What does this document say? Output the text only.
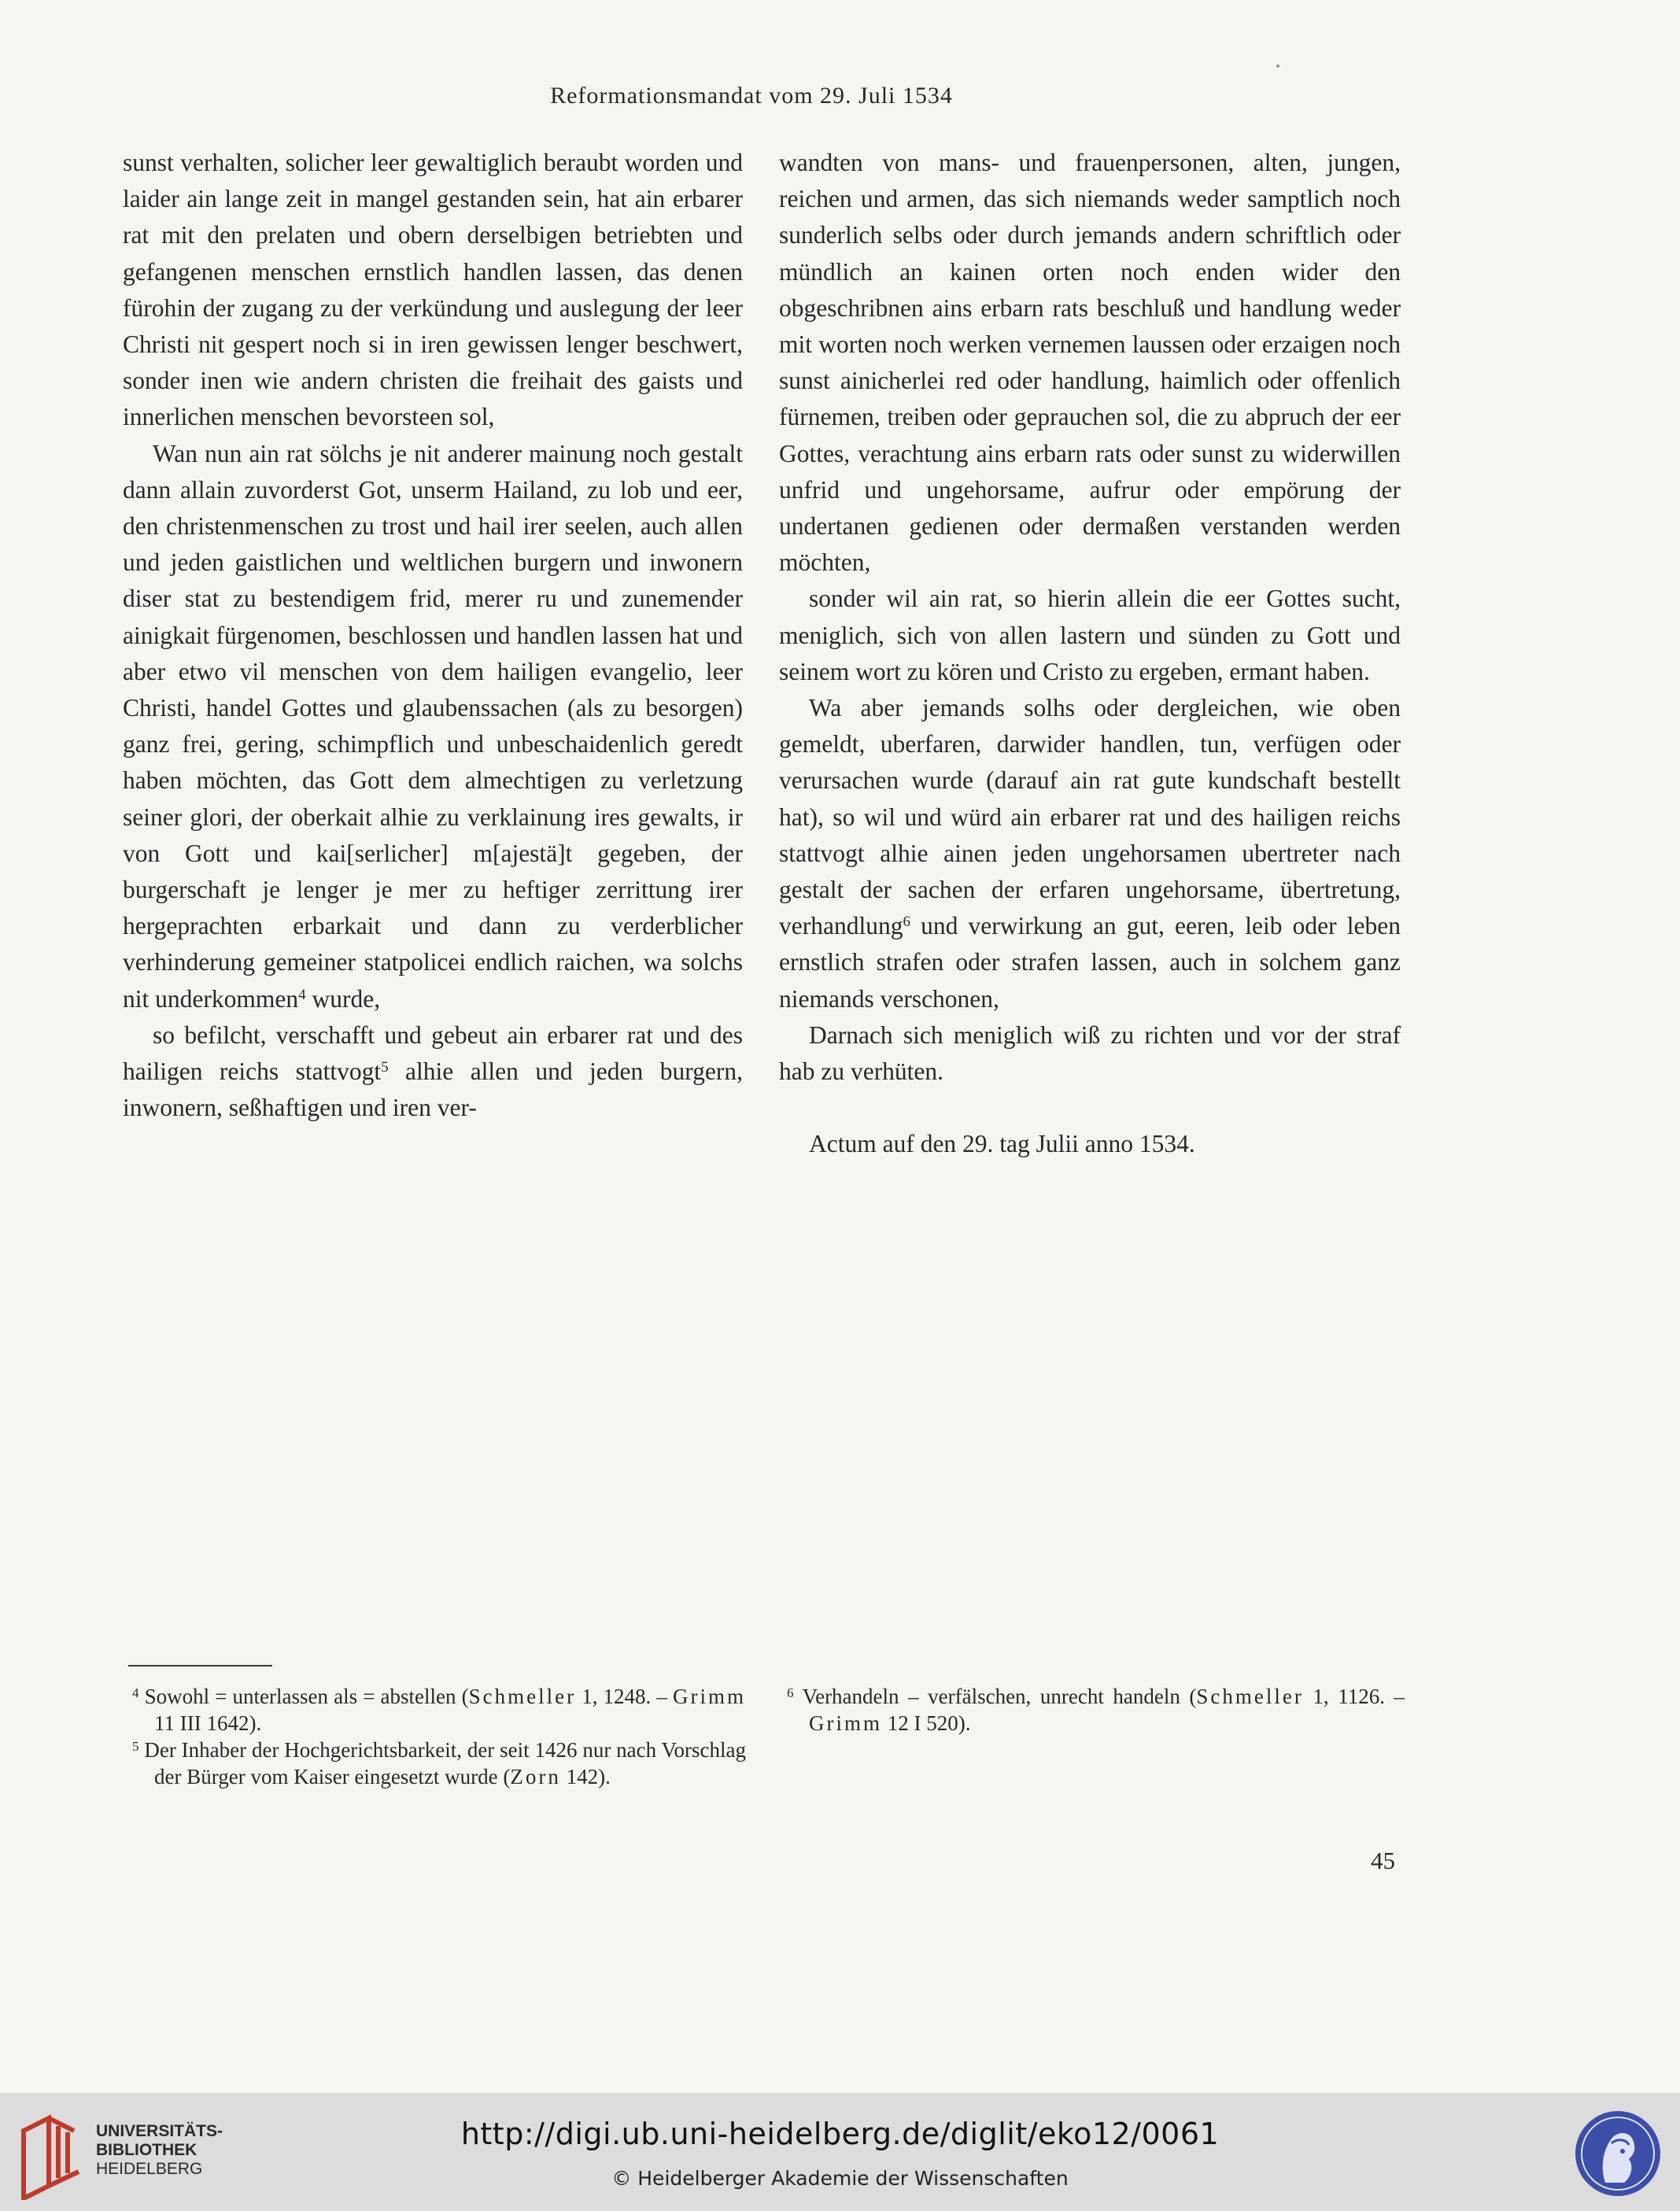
Reformationsmandat vom 29. Juli 1534

sunst verhalten, solicher leer gewaltiglich beraubt worden und laider ain lange zeit in mangel gestanden sein, hat ain erbarer rat mit den prelaten und obern derselbigen betriebten und gefangenen menschen ernstlich handlen lassen, das denen fürohin der zugang zu der verkündung und auslegung der leer Christi nit gespert noch si in iren gewissen lenger beschwert, sonder inen wie andern christen die freihait des gaists und innerlichen menschen bevorsteen sol,

Wan nun ain rat sölchs je nit anderer mainung noch gestalt dann allain zuvorderst Got, unserm Hailand, zu lob und eer, den christenmenschen zu trost und hail irer seelen, auch allen und jeden gaistlichen und weltlichen burgern und inwonern diser stat zu bestendigem frid, merer ru und zunemender ainigkait fürgenomen, beschlossen und handlen lassen hat und aber etwo vil menschen von dem hailigen evangelio, leer Christi, handel Gottes und glaubenssachen (als zu besorgen) ganz frei, gering, schimpflich und unbeschaidenlich geredt haben möchten, das Gott dem almechtigen zu verletzung seiner glori, der oberkait alhie zu verklainung ires gewalts, ir von Gott und kai[serlicher] m[ajestä]t gegeben, der burgerschaft je lenger je mer zu heftiger zerrittung irer hergeprachten erbarkait und dann zu verderblicher verhinderung gemeiner statpolicei endlich raichen, wa solchs nit underkommen$^4$ wurde,

so befilcht, verschafft und gebeut ain erbarer rat und des hailigen reichs stattvogt$^5$ alhie allen und jeden burgern, inwonern, seßhaftigen und iren ver-

wandten von mans- und frauenpersonen, alten, jungen, reichen und armen, das sich niemands weder samptlich noch sunderlich selbs oder durch jemands andern schriftlich oder mündlich an kainen orten noch enden wider den obgeschribnen ains erbarn rats beschluß und handlung weder mit worten noch werken vernemen laussen oder erzaigen noch sunst ainicherlei red oder handlung, haimlich oder offenlich fürnemen, treiben oder geprauchen sol, die zu abpruch der eer Gottes, verachtung ains erbarn rats oder sunst zu widerwillen unfrid und ungehorsame, aufrur oder empörung der undertanen gedienen oder dermaßen verstanden werden möchten,

sonder wil ain rat, so hierin allein die eer Gottes sucht, meniglich, sich von allen lastern und sünden zu Gott und seinem wort zu kören und Cristo zu ergeben, ermant haben.

Wa aber jemands solhs oder dergleichen, wie oben gemeldt, uberfaren, darwider handlen, tun, verfügen oder verursachen wurde (darauf ain rat gute kundschaft bestellt hat), so wil und würd ain erbarer rat und des hailigen reichs stattvogt alhie ainen jeden ungehorsamen ubertreter nach gestalt der sachen der erfaren ungehorsame, übertretung, verhandlung$^6$ und verwirkung an gut, eeren, leib oder leben ernstlich strafen oder strafen lassen, auch in solchem ganz niemands verschonen,

Darnach sich meniglich wiß zu richten und vor der straf hab zu verhüten.

Actum auf den 29. tag Julii anno 1534.

$^4$ Sowohl = unterlassen als = abstellen (Schmeller 1, 1248. – Grimm 11 III 1642).

$^5$ Der Inhaber der Hochgerichtsbarkeit, der seit 1426 nur nach Vorschlag der Bürger vom Kaiser eingesetzt wurde (Zorn 142).

$^6$ Verhandeln – verfälschen, unrecht handeln (Schmeller 1, 1126. – Grimm 12 I 520).

45
UNIVERSITÄTS-
BIBLIOTHEK
HEIDELBERG
http://digi.ub.uni-heidelberg.de/diglit/eko12/0061
© Heidelberger Akademie der Wissenschaften
